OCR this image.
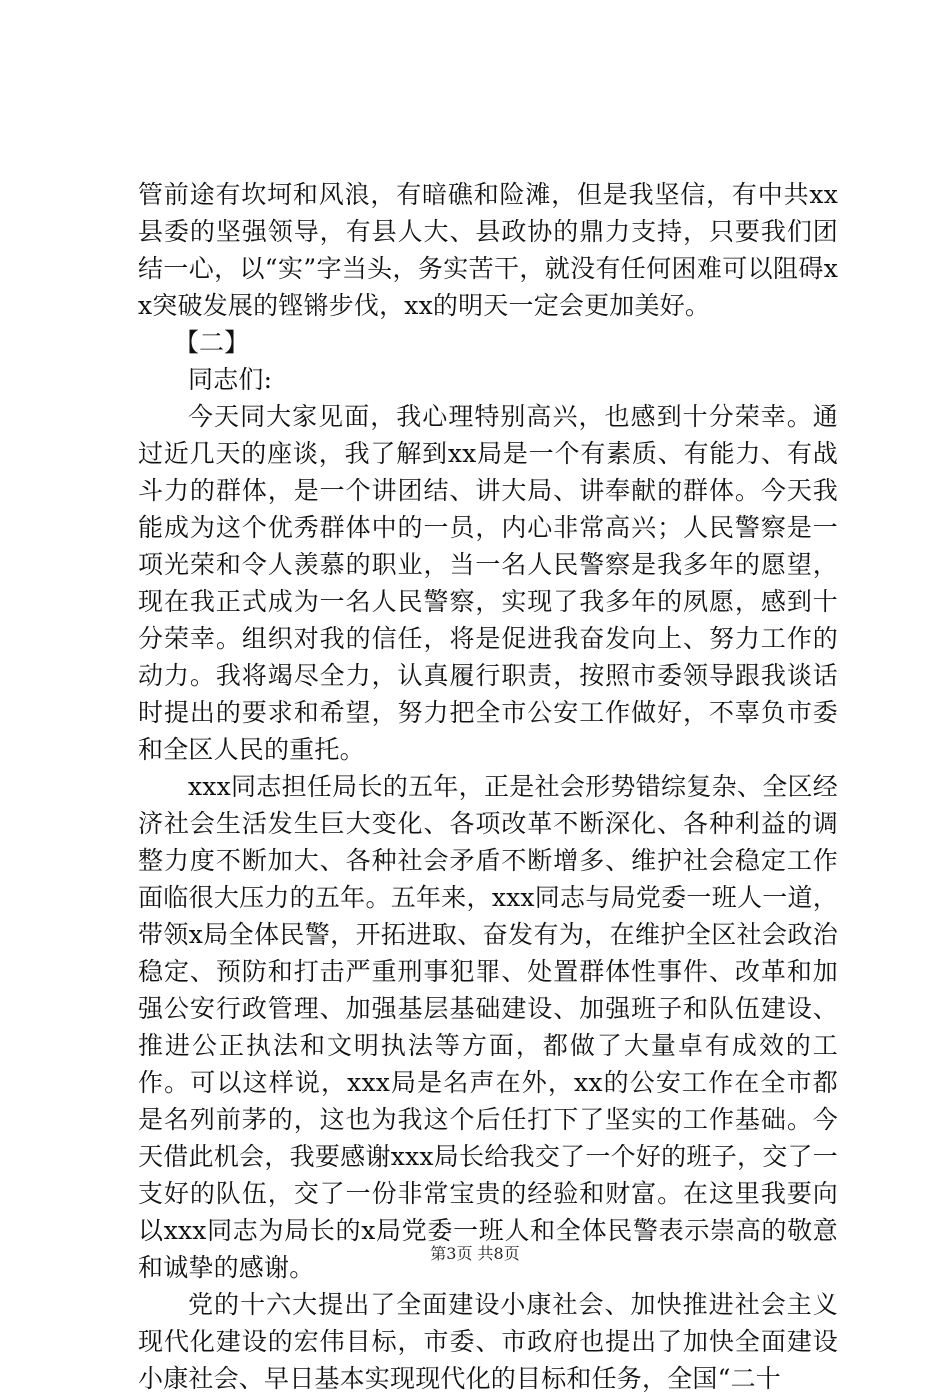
管前途有坎坷和风浪，有暗礁和险滩，但是我坚信，有中共xx县委的坚强领导，有县人大、县政协的鼎力支持，只要我们团结一心，以“实”字当头，务实苦干，就没有任何困难可以阻碍xx突破发展的铿锵步伐，xx的明天一定会更加美好。

【二】

同志们:

今天同大家见面，我心理特别高兴，也感到十分荣幸。通过近几天的座谈，我了解到xx局是一个有素质、有能力、有战斗力的群体，是一个讲团结、讲大局、讲奉献的群体。今天我能成为这个优秀群体中的一员，内心非常高兴；人民警察是一项光荣和令人羡慕的职业，当一名人民警察是我多年的愿望，现在我正式成为一名人民警察，实现了我多年的夙愿，感到十分荣幸。组织对我的信任，将是促进我奋发向上、努力工作的动力。我将竭尽全力，认真履行职责，按照市委领导跟我谈话时提出的要求和希望，努力把全市公安工作做好，不辜负市委和全区人民的重托。

xxx同志担任局长的五年，正是社会形势错综复杂、全区经济社会生活发生巨大变化、各项改革不断深化、各种利益的调整力度不断加大、各种社会矛盾不断增多、维护社会稳定工作面临很大压力的五年。五年来，xxx同志与局党委一班人一道，带领x局全体民警，开拓进取、奋发有为，在维护全区社会政治稳定、预防和打击严重刑事犯罪、处置群体性事件、改革和加强公安行政管理、加强基层基础建设、加强班子和队伍建设、推进公正执法和文明执法等方面，都做了大量卓有成效的工作。可以这样说，xxx局是名声在外，xx的公安工作在全市都是名列前茅的，这也为我这个后任打下了坚实的工作基础。今天借此机会，我要感谢xxx局长给我交了一个好的班子，交了一支好的队伍，交了一份非常宝贵的经验和财富。在这里我要向以xxx同志为局长的x局党委一班人和全体民警表示崇高的敬意和诚挚的感谢。

党的十六大提出了全面建设小康社会、加快推进社会主义现代化建设的宏伟目标，市委、市政府也提出了加快全面建设小康社会、早日基本实现现代化的目标和任务，全国“二十

第3页 共8页
